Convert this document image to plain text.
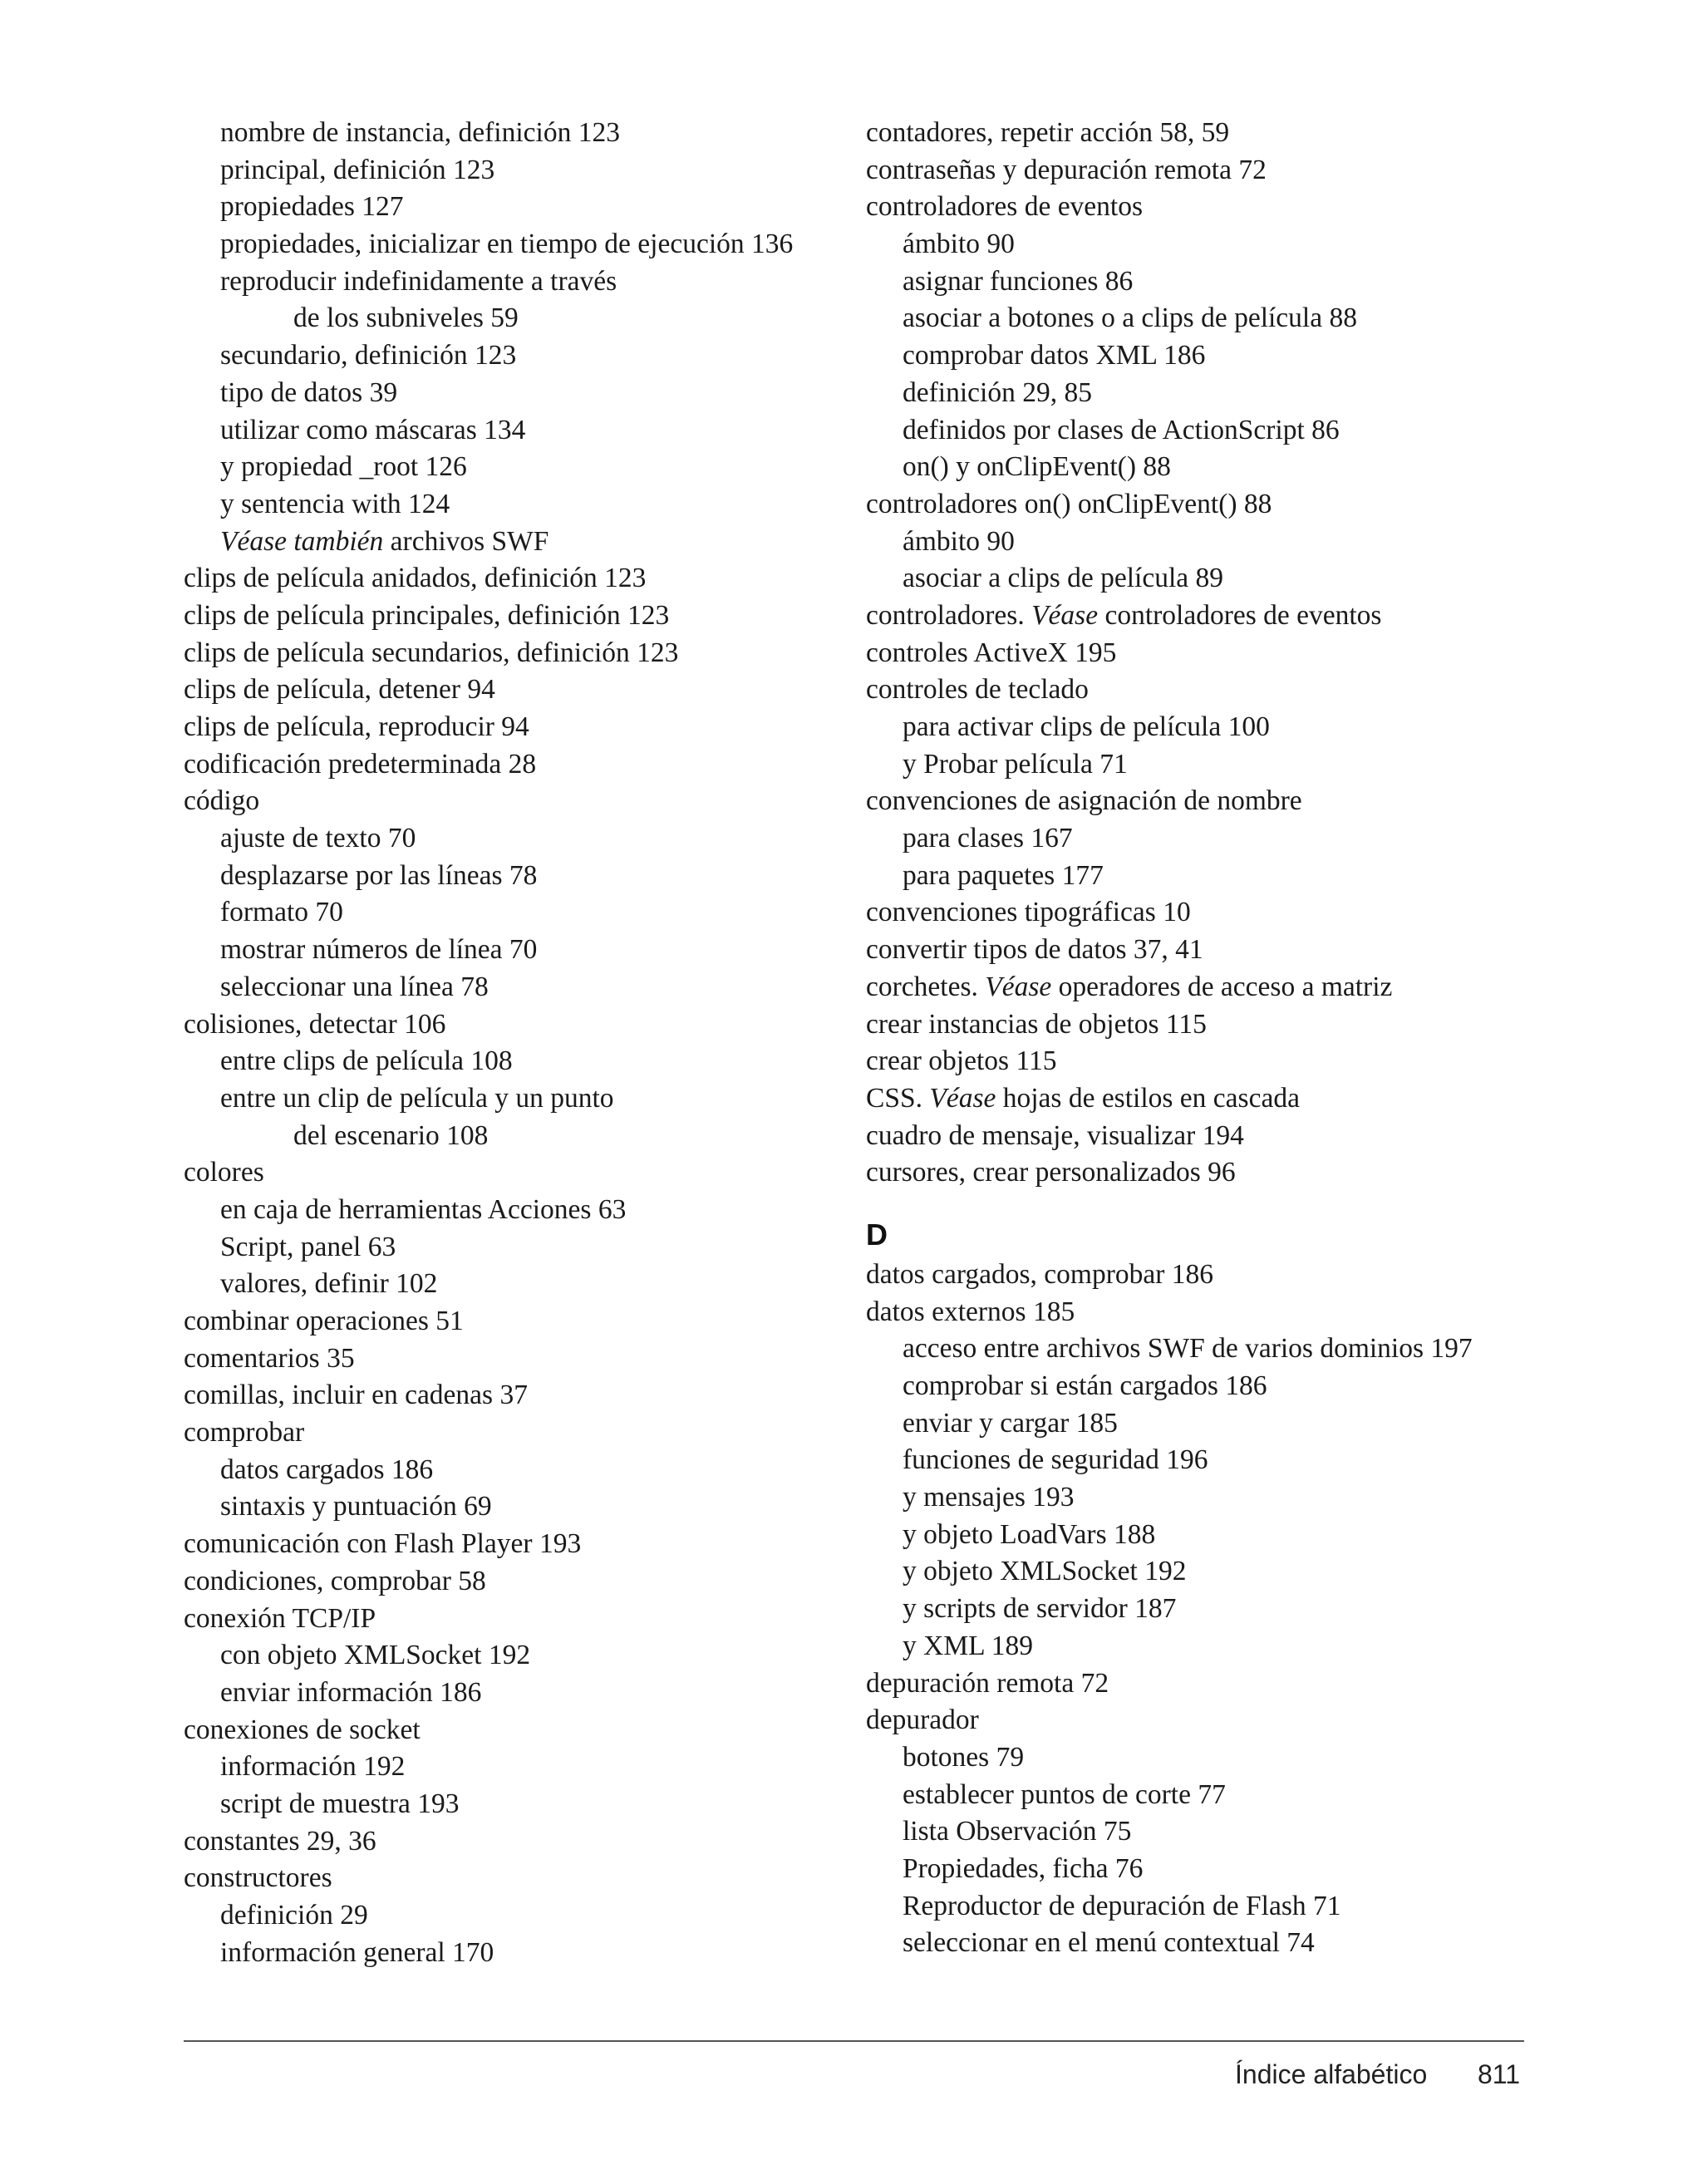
nombre de instancia, definición 123
principal, definición 123
propiedades 127
propiedades, inicializar en tiempo de ejecución 136
reproducir indefinidamente a través
de los subniveles 59
secundario, definición 123
tipo de datos 39
utilizar como máscaras 134
y propiedad _root 126
y sentencia with 124
Véase también archivos SWF
clips de película anidados, definición 123
clips de película principales, definición 123
clips de película secundarios, definición 123
clips de película, detener 94
clips de película, reproducir 94
codificación predeterminada 28
código
ajuste de texto 70
desplazarse por las líneas 78
formato 70
mostrar números de línea 70
seleccionar una línea 78
colisiones, detectar 106
entre clips de película 108
entre un clip de película y un punto
del escenario 108
colores
en caja de herramientas Acciones 63
Script, panel 63
valores, definir 102
combinar operaciones 51
comentarios 35
comillas, incluir en cadenas 37
comprobar
datos cargados 186
sintaxis y puntuación 69
comunicación con Flash Player 193
condiciones, comprobar 58
conexión TCP/IP
con objeto XMLSocket 192
enviar información 186
conexiones de socket
información 192
script de muestra 193
constantes 29, 36
constructores
definición 29
información general 170
contadores, repetir acción 58, 59
contraseñas y depuración remota 72
controladores de eventos
ámbito 90
asignar funciones 86
asociar a botones o a clips de película 88
comprobar datos XML 186
definición 29, 85
definidos por clases de ActionScript 86
on() y onClipEvent() 88
controladores on() onClipEvent() 88
ámbito 90
asociar a clips de película 89
controladores. Véase controladores de eventos
controles ActiveX 195
controles de teclado
para activar clips de película 100
y Probar película 71
convenciones de asignación de nombre
para clases 167
para paquetes 177
convenciones tipográficas 10
convertir tipos de datos 37, 41
corchetes. Véase operadores de acceso a matriz
crear instancias de objetos 115
crear objetos 115
CSS. Véase hojas de estilos en cascada
cuadro de mensaje, visualizar 194
cursores, crear personalizados 96
D
datos cargados, comprobar 186
datos externos 185
acceso entre archivos SWF de varios dominios 197
comprobar si están cargados 186
enviar y cargar 185
funciones de seguridad 196
y mensajes 193
y objeto LoadVars 188
y objeto XMLSocket 192
y scripts de servidor 187
y XML 189
depuración remota 72
depurador
botones 79
establecer puntos de corte 77
lista Observación 75
Propiedades, ficha 76
Reproductor de depuración de Flash 71
seleccionar en el menú contextual 74
Índice alfabético 811
